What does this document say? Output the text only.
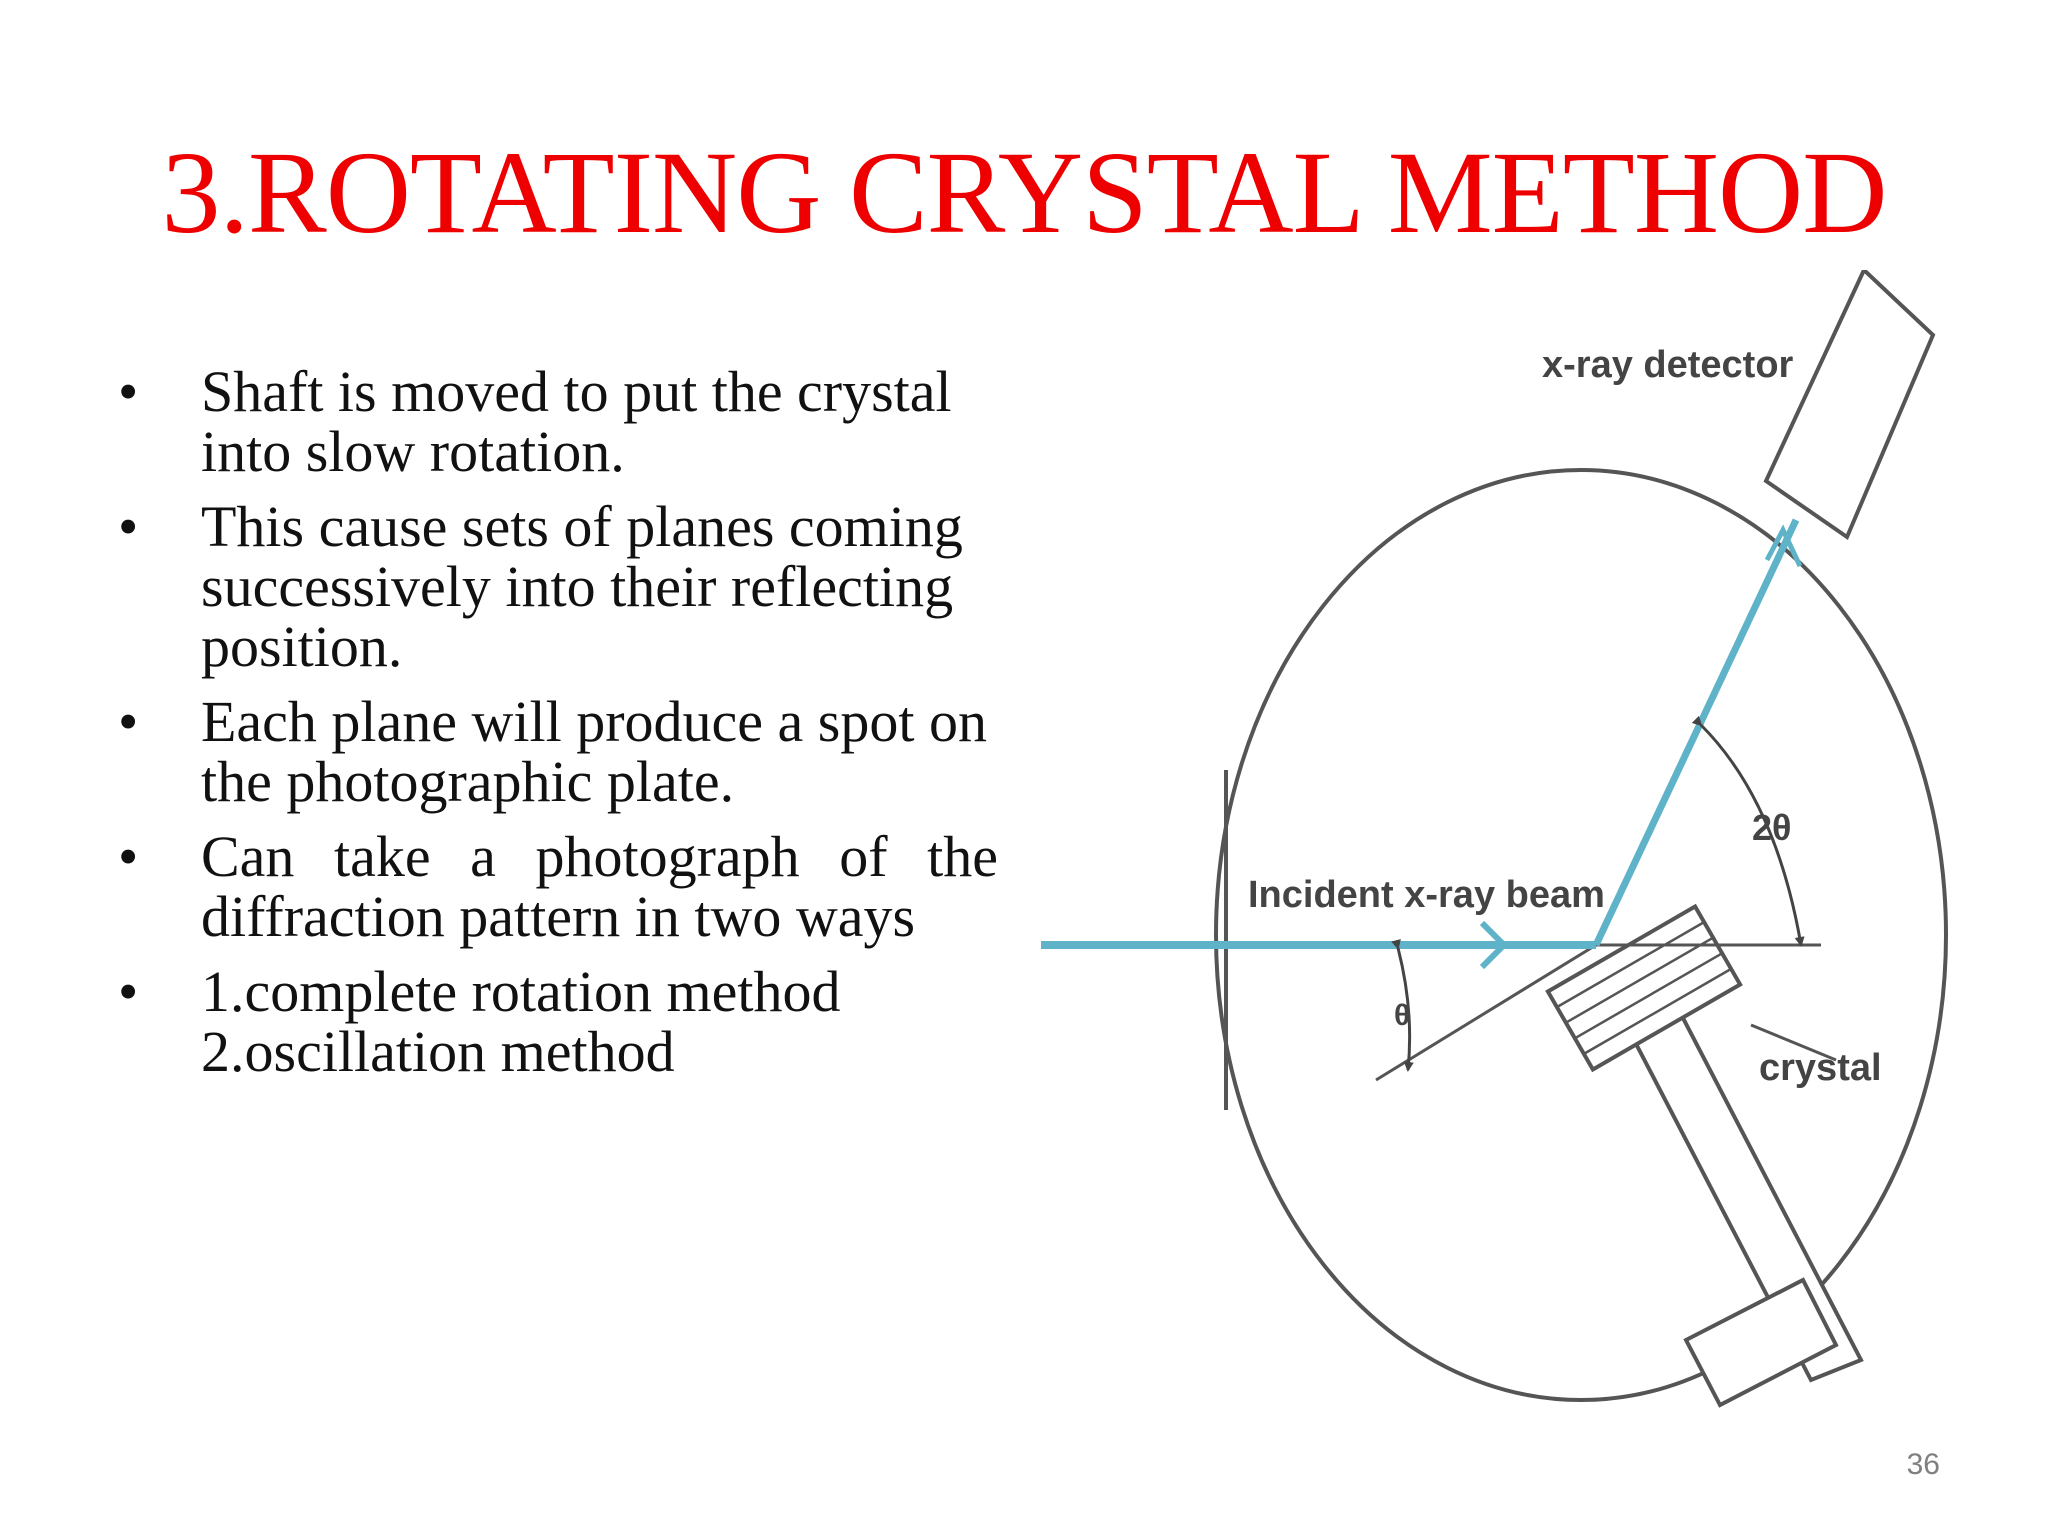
3.ROTATING CRYSTAL METHOD
• Shaft is moved to put the crystal into slow rotation.
• This cause sets of planes coming successively into their reflecting position.
• Each plane will produce a spot on the photographic plate.
• Can take a photograph of the diffraction pattern in two ways
• 1.complete rotation method 2.oscillation method
x-ray detector
Incident x-ray beam
2θ
θ
crystal
36
